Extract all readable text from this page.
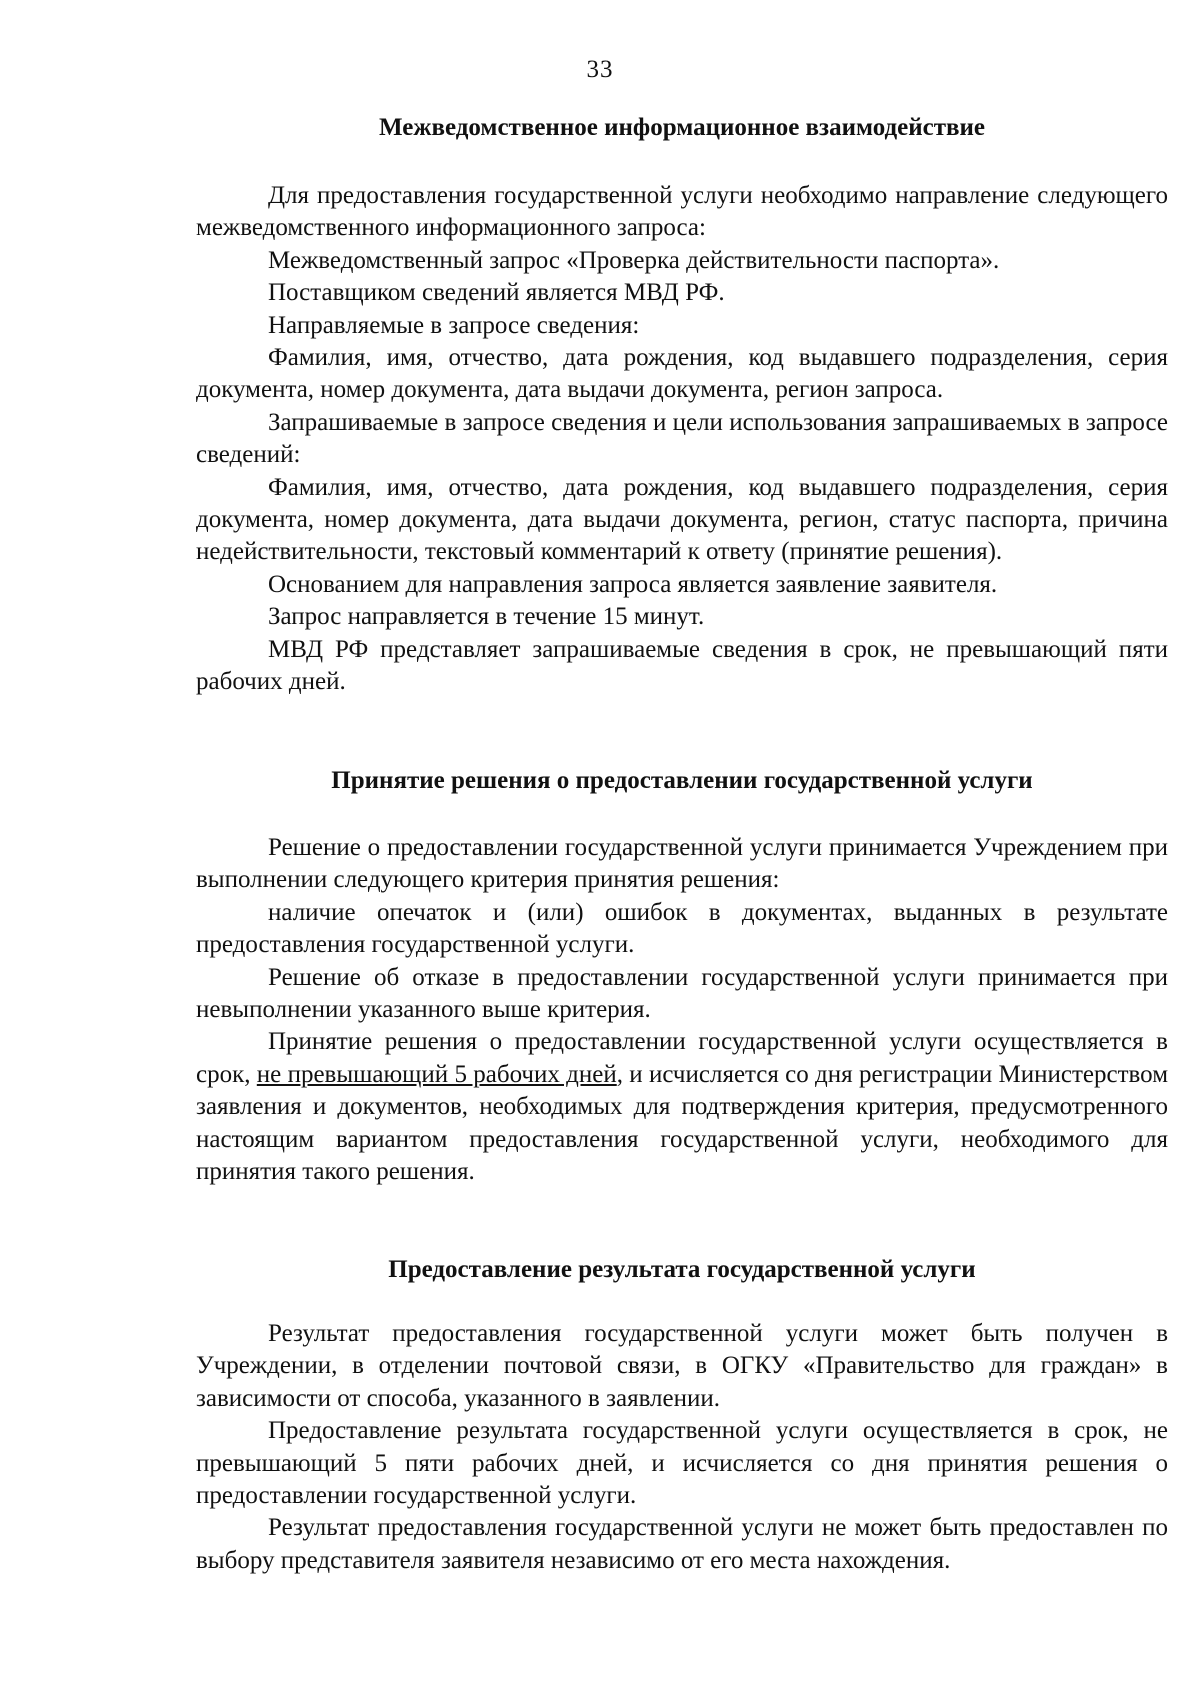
33
Межведомственное информационное взаимодействие

Для предоставления государственной услуги необходимо направление следующего межведомственного информационного запроса:

Межведомственный запрос «Проверка действительности паспорта».

Поставщиком сведений является МВД РФ.

Направляемые в запросе сведения:

Фамилия, имя, отчество, дата рождения, код выдавшего подразделения, серия документа, номер документа, дата выдачи документа, регион запроса.

Запрашиваемые в запросе сведения и цели использования запрашиваемых в запросе сведений:

Фамилия, имя, отчество, дата рождения, код выдавшего подразделения, серия документа, номер документа, дата выдачи документа, регион, статус паспорта, причина недействительности, текстовый комментарий к ответу (принятие решения).

Основанием для направления запроса является заявление заявителя.

Запрос направляется в течение 15 минут.

МВД РФ представляет запрашиваемые сведения в срок, не превышающий пяти рабочих дней.

Принятие решения о предоставлении государственной услуги

Решение о предоставлении государственной услуги принимается Учреждением при выполнении следующего критерия принятия решения:

наличие опечаток и (или) ошибок в документах, выданных в результате предоставления государственной услуги.

Решение об отказе в предоставлении государственной услуги принимается при невыполнении указанного выше критерия.

Принятие решения о предоставлении государственной услуги осуществляется в срок, не превышающий 5 рабочих дней, и исчисляется со дня регистрации Министерством заявления и документов, необходимых для подтверждения критерия, предусмотренного настоящим вариантом предоставления государственной услуги, необходимого для принятия такого решения.

Предоставление результата государственной услуги

Результат предоставления государственной услуги может быть получен в Учреждении, в отделении почтовой связи, в ОГКУ «Правительство для граждан» в зависимости от способа, указанного в заявлении.

Предоставление результата государственной услуги осуществляется в срок, не превышающий 5 пяти рабочих дней, и исчисляется со дня принятия решения о предоставлении государственной услуги.

Результат предоставления государственной услуги не может быть предоставлен по выбору представителя заявителя независимо от его места нахождения.
